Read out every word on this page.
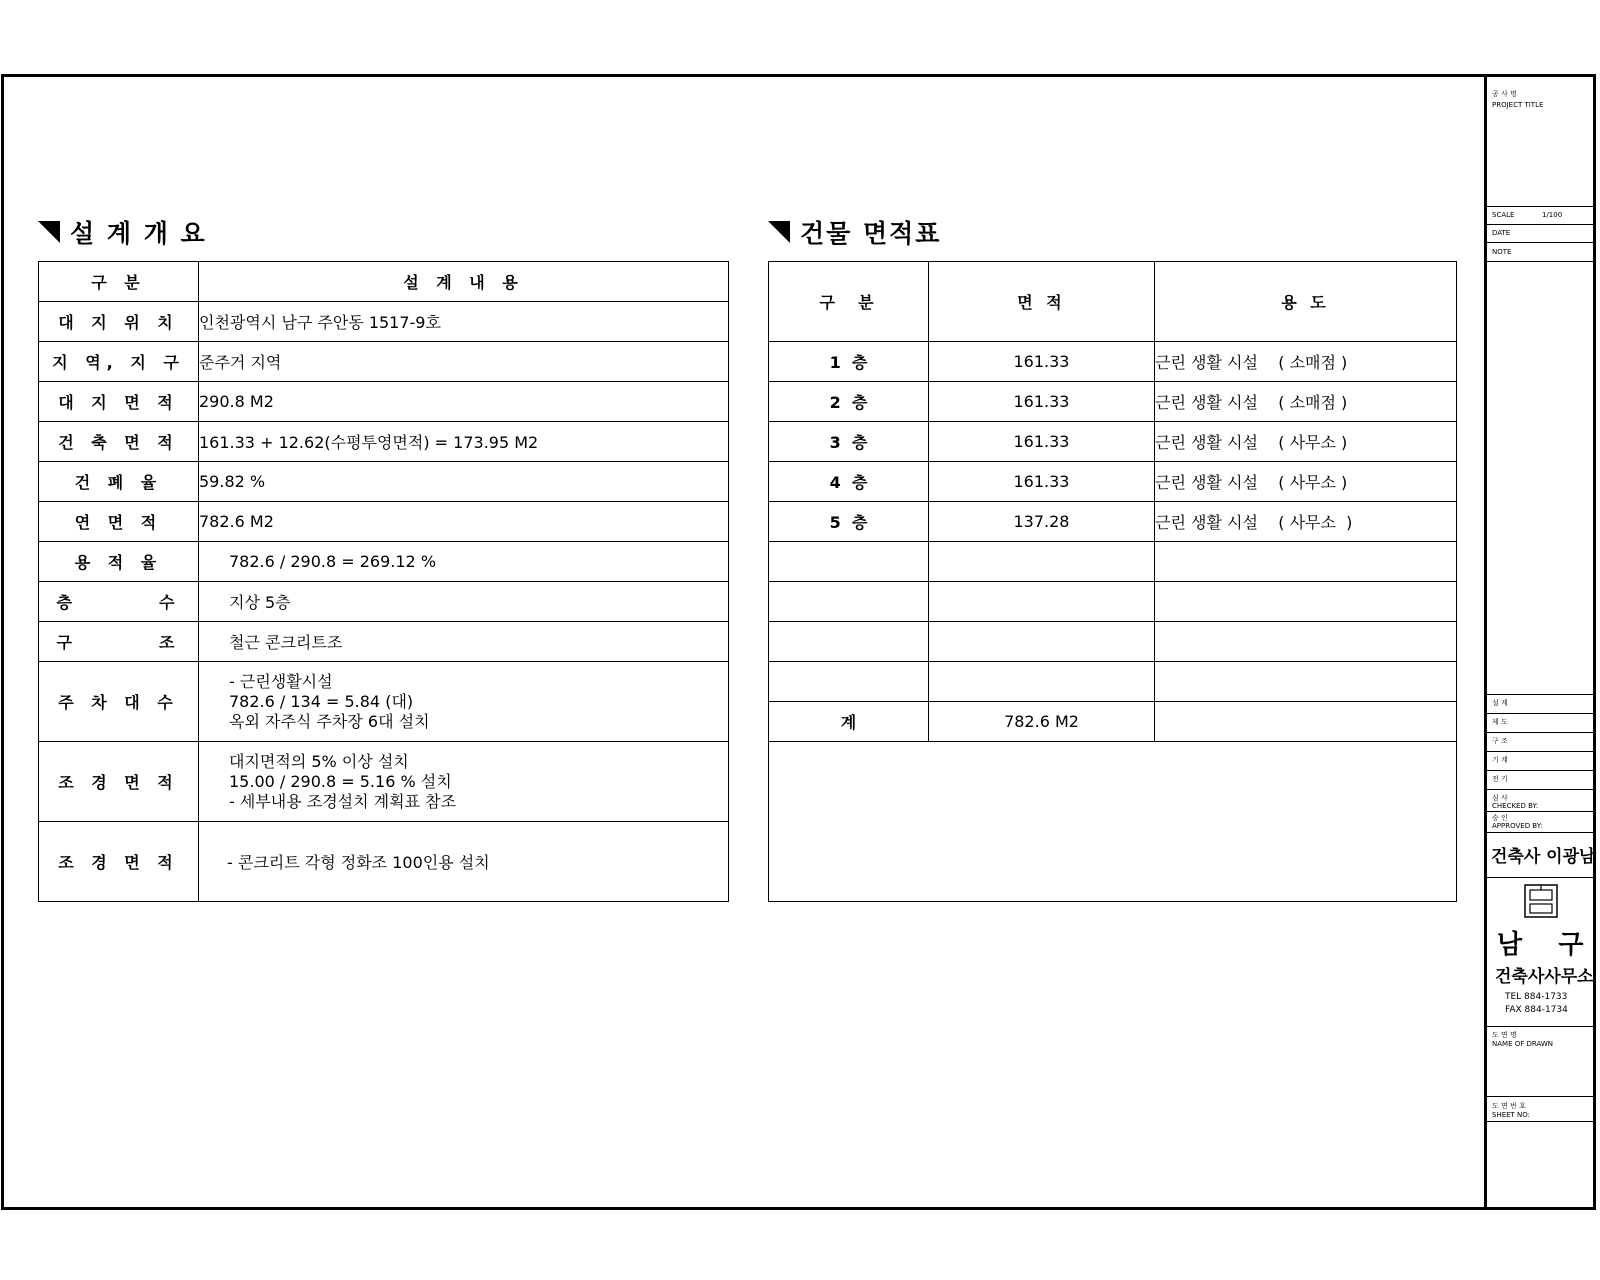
설 계 개 요
구 분	설 계 내 용
대 지 위 치	인천광역시 남구 주안동 1517-9호
지 역, 지 구	준주거 지역
대 지 면 적	290.8 M2
건 축 면 적	161.33 + 12.62(수평투영면적) = 173.95 M2
건 폐 율	59.82 %
연 면 적	782.6 M2
용 적 율	782.6 / 290.8 = 269.12 %
층       수	지상 5층
구       조	철근 콘크리트조
주 차 대 수	- 근린생활시설
782.6 / 134 = 5.84 (대)
옥외 자주식 주차장 6대 설치

조 경 면 적	대지면적의 5% 이상 설치
15.00 / 290.8 = 5.16 % 설치
- 세부내용 조경설치 계획표 참조

조 경 면 적	- 콘크리트 각형 정화조 100인용 설치
건물 면적표
구  분	면 적	용 도
1  층	161.33	근린 생활 시설    ( 소매점 )
2  층	161.33	근린 생활 시설    ( 소매점 )
3  층	161.33	근린 생활 시설    ( 사무소 )
4  층	161.33	근린 생활 시설    ( 사무소 )
5  층	137.28	근린 생활 시설    ( 사무소  )

계	782.6 M2	

공 사 명
PROJECT TITLE
SCALE	1/100
DATE
NOTE
설 계
제 도
구 조
기 계
전 기
심 사
CHECKED BY:
승 인
APPROVED BY:
건축사 이광남
남    구
건축사사무소
TEL 884-1733
FAX 884-1734
도 면 명
NAME OF DRAWN
도 면 번 호
SHEET NO:
